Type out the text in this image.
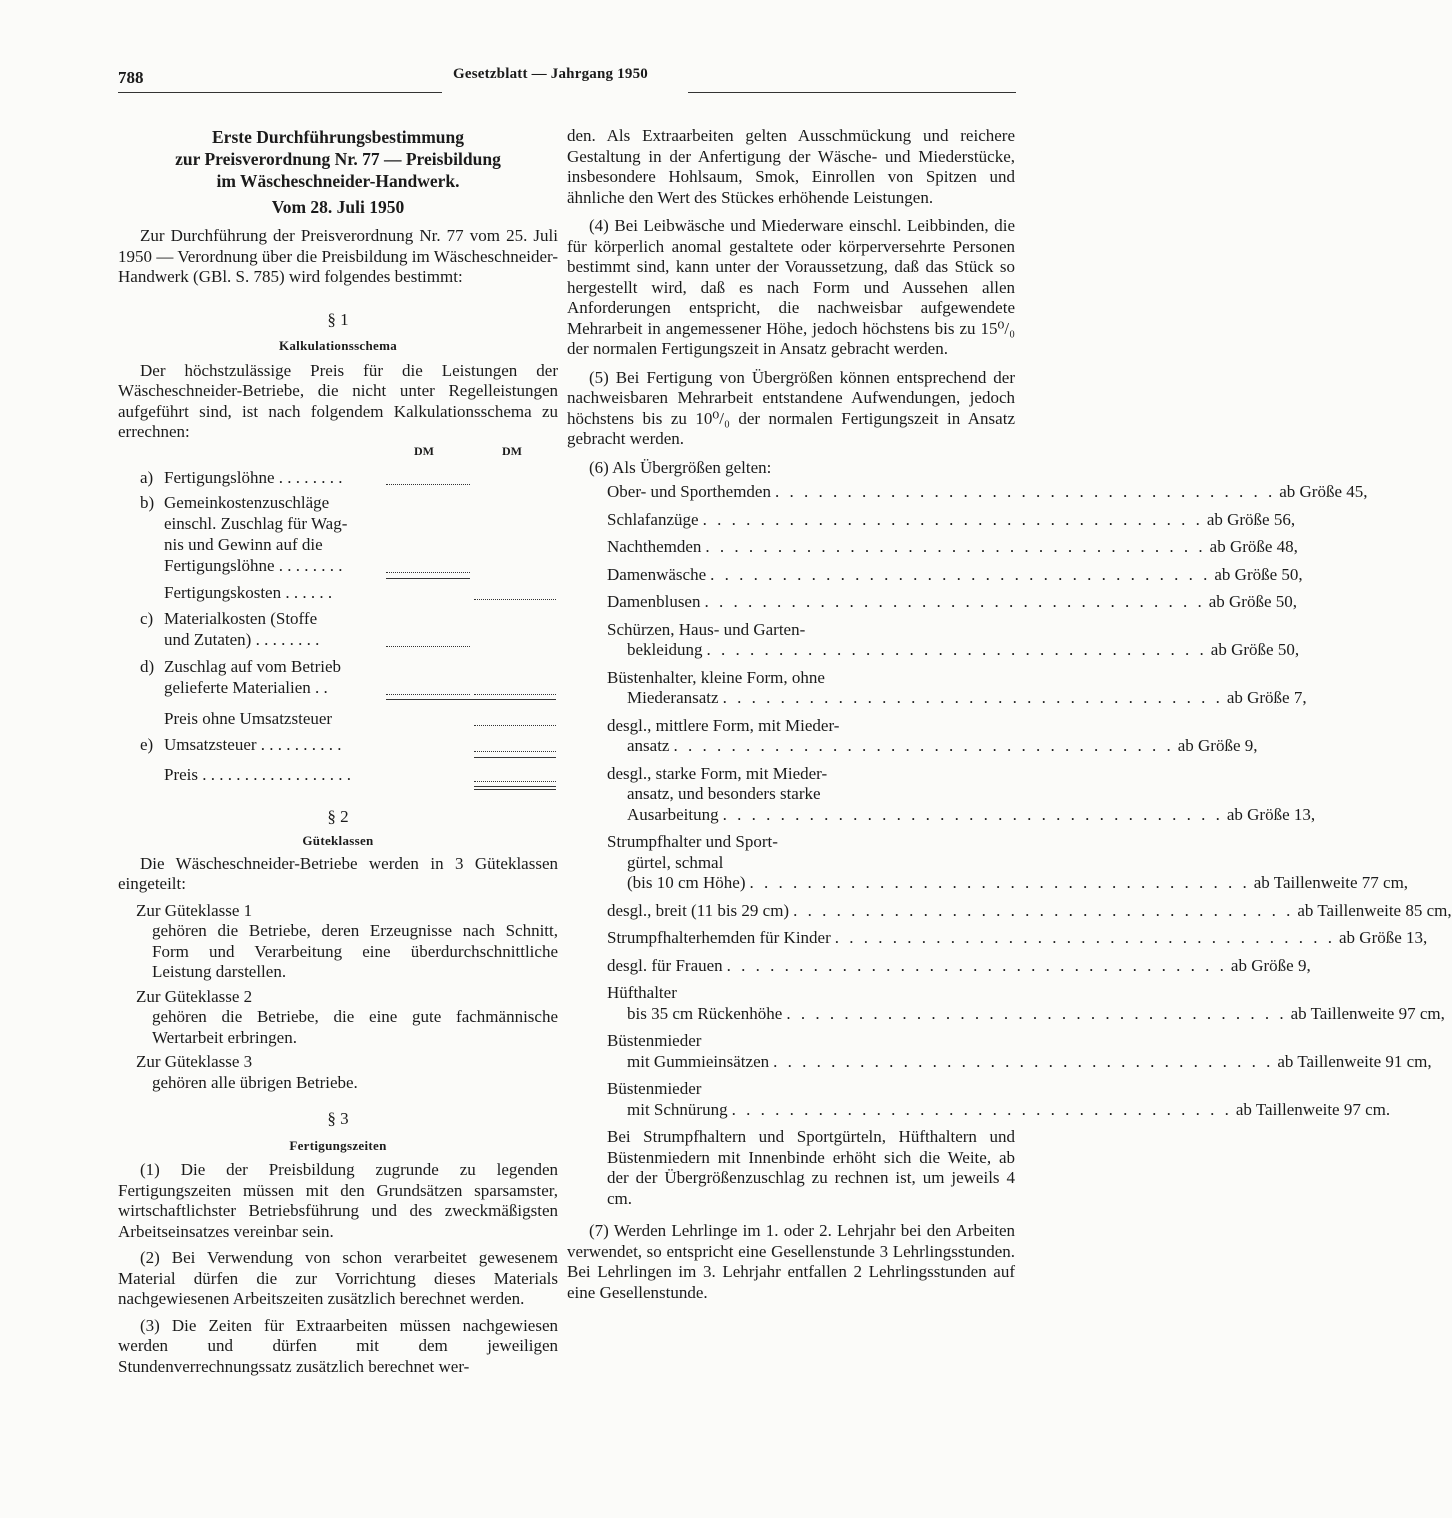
788	Gesetzblatt — Jahrgang 1950
Erste Durchführungsbestimmung
zur Preisverordnung Nr. 77 — Preisbildung
im Wäscheschneider-Handwerk.
Vom 28. Juli 1950

Zur Durchführung der Preisverordnung Nr. 77 vom 25. Juli 1950 — Verordnung über die Preisbildung im Wäscheschneider-Handwerk (GBl. S. 785) wird folgendes bestimmt:

§ 1
Kalkulationsschema

Der höchstzulässige Preis für die Leistungen der Wäscheschneider-Betriebe, die nicht unter Regelleistungen aufgeführt sind, ist nach folgendem Kalkulationsschema zu errechnen:

DM	DM
a) Fertigungslöhne . . . . . . . .
b) Gemeinkostenzuschläge
einschl. Zuschlag für Wag-
nis und Gewinn auf die
Fertigungslöhne . . . . . . . .
Fertigungskosten . . . . . .
c) Materialkosten (Stoffe
und Zutaten) . . . . . . . .
d) Zuschlag auf vom Betrieb
gelieferte Materialien . .
Preis ohne Umsatzsteuer
e) Umsatzsteuer . . . . . . . . . .
Preis . . . . . . . . . . . . . . . . . .
§ 2
Güteklassen

Die Wäscheschneider-Betriebe werden in 3 Güteklassen eingeteilt:

Zur Güteklasse 1
gehören die Betriebe, deren Erzeugnisse nach Schnitt, Form und Verarbeitung eine überdurchschnittliche Leistung darstellen.
Zur Güteklasse 2
gehören die Betriebe, die eine gute fachmännische Wertarbeit erbringen.
Zur Güteklasse 3
gehören alle übrigen Betriebe.
§ 3
Fertigungszeiten

(1) Die der Preisbildung zugrunde zu legenden Fertigungszeiten müssen mit den Grundsätzen sparsamster, wirtschaftlichster Betriebsführung und des zweckmäßigsten Arbeitseinsatzes vereinbar sein.

(2) Bei Verwendung von schon verarbeitet gewesenem Material dürfen die zur Vorrichtung dieses Materials nachgewiesenen Arbeitszeiten zusätzlich berechnet werden.

(3) Die Zeiten für Extraarbeiten müssen nachgewiesen werden und dürfen mit dem jeweiligen Stundenverrechnungssatz zusätzlich berechnet wer-

den. Als Extraarbeiten gelten Ausschmückung und reichere Gestaltung in der Anfertigung der Wäsche- und Miederstücke, insbesondere Hohlsaum, Smok, Einrollen von Spitzen und ähnliche den Wert des Stückes erhöhende Leistungen.

(4) Bei Leibwäsche und Miederware einschl. Leibbinden, die für körperlich anomal gestaltete oder körperversehrte Personen bestimmt sind, kann unter der Voraussetzung, daß das Stück so hergestellt wird, daß es nach Form und Aussehen allen Anforderungen entspricht, die nachweisbar aufgewendete Mehrarbeit in angemessener Höhe, jedoch höchstens bis zu 15⁰/₀ der normalen Fertigungszeit in Ansatz gebracht werden.

(5) Bei Fertigung von Übergrößen können entsprechend der nachweisbaren Mehrarbeit entstandene Aufwendungen, jedoch höchstens bis zu 10⁰/₀ der normalen Fertigungszeit in Ansatz gebracht werden.

(6) Als Übergrößen gelten:
Ober- und Sporthemden . . . . . . . . . . . . . . . . . . . . . . . . . . . . . . . . . . . ab Größe 45,
Schlafanzüge . . . . . . . . . . . . . . . . . . . . . . . . . . . . . . . . . . . ab Größe 56,
Nachthemden . . . . . . . . . . . . . . . . . . . . . . . . . . . . . . . . . . . ab Größe 48,
Damenwäsche . . . . . . . . . . . . . . . . . . . . . . . . . . . . . . . . . . . ab Größe 50,
Damenblusen . . . . . . . . . . . . . . . . . . . . . . . . . . . . . . . . . . . ab Größe 50,
Schürzen, Haus- und Garten-
bekleidung . . . . . . . . . . . . . . . . . . . . . . . . . . . . . . . . . . . ab Größe 50,
Büstenhalter, kleine Form, ohne
Miederansatz . . . . . . . . . . . . . . . . . . . . . . . . . . . . . . . . . . . ab Größe 7,
desgl., mittlere Form, mit Mieder-
ansatz . . . . . . . . . . . . . . . . . . . . . . . . . . . . . . . . . . . ab Größe 9,
desgl., starke Form, mit Mieder-
ansatz, und besonders starke
Ausarbeitung . . . . . . . . . . . . . . . . . . . . . . . . . . . . . . . . . . . ab Größe 13,
Strumpfhalter und Sport-
gürtel, schmal
(bis 10 cm Höhe) . . . . . . . . . . . . . . . . . . . . . . . . . . . . . . . . . . . ab Taillenweite 77 cm,
desgl., breit (11 bis 29 cm) . . . . . . . . . . . . . . . . . . . . . . . . . . . . . . . . . . . ab Taillenweite 85 cm,
Strumpfhalterhemden für Kinder . . . . . . . . . . . . . . . . . . . . . . . . . . . . . . . . . . . ab Größe 13,
desgl. für Frauen . . . . . . . . . . . . . . . . . . . . . . . . . . . . . . . . . . . ab Größe 9,
Hüfthalter
bis 35 cm Rückenhöhe . . . . . . . . . . . . . . . . . . . . . . . . . . . . . . . . . . . ab Taillenweite 97 cm,
Büstenmieder
mit Gummieinsätzen . . . . . . . . . . . . . . . . . . . . . . . . . . . . . . . . . . . ab Taillenweite 91 cm,
Büstenmieder
mit Schnürung . . . . . . . . . . . . . . . . . . . . . . . . . . . . . . . . . . . ab Taillenweite 97 cm.

Bei Strumpfhaltern und Sportgürteln, Hüfthaltern und Büstenmiedern mit Innenbinde erhöht sich die Weite, ab der der Übergrößenzuschlag zu rechnen ist, um jeweils 4 cm.

(7) Werden Lehrlinge im 1. oder 2. Lehrjahr bei den Arbeiten verwendet, so entspricht eine Gesellenstunde 3 Lehrlingsstunden. Bei Lehrlingen im 3. Lehrjahr entfallen 2 Lehrlingsstunden auf eine Gesellenstunde.
